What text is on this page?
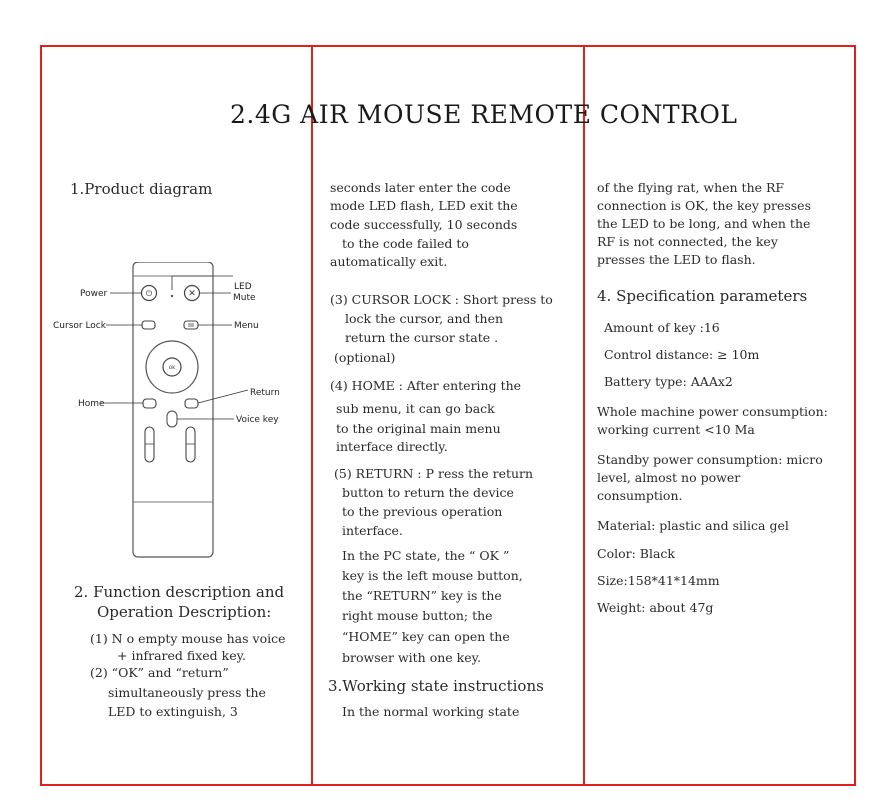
2.4G AIR MOUSE REMOTE CONTROL
1.Product diagram
⏻	✕
OK
LED
Power	Mute
Cursor Lock	Menu
Return
Home
Voice key
2. Function description and
Operation Description:
(1) N o empty mouse has voice
+ infrared fixed key.
(2) “OK” and “return”
simultaneously press the
LED to extinguish, 3
seconds later enter the code
mode LED flash, LED exit the
code successfully, 10 seconds
to the code failed to
automatically exit.
(3) CURSOR LOCK : Short press to
lock the cursor, and then
return the cursor state .
(optional)
(4) HOME : After entering the
sub menu, it can go back
to the original main menu
interface directly.
(5) RETURN : P ress the return
button to return the device
to the previous operation
interface.
In the PC state, the “ OK ”
key is the left mouse button,
the “RETURN” key is the
right mouse button; the
“HOME” key can open the
browser with one key.
3.Working state instructions
In the normal working state
of the flying rat, when the RF
connection is OK, the key presses
the LED to be long, and when the
RF is not connected, the key
presses the LED to flash.
4. Specification parameters
Amount of key :16
Control distance: ≥ 10m
Battery type: AAAx2
Whole machine power consumption:
working current <10 Ma
Standby power consumption: micro
level, almost no power
consumption.
Material: plastic and silica gel
Color: Black
Size:158*41*14mm
Weight: about 47g
